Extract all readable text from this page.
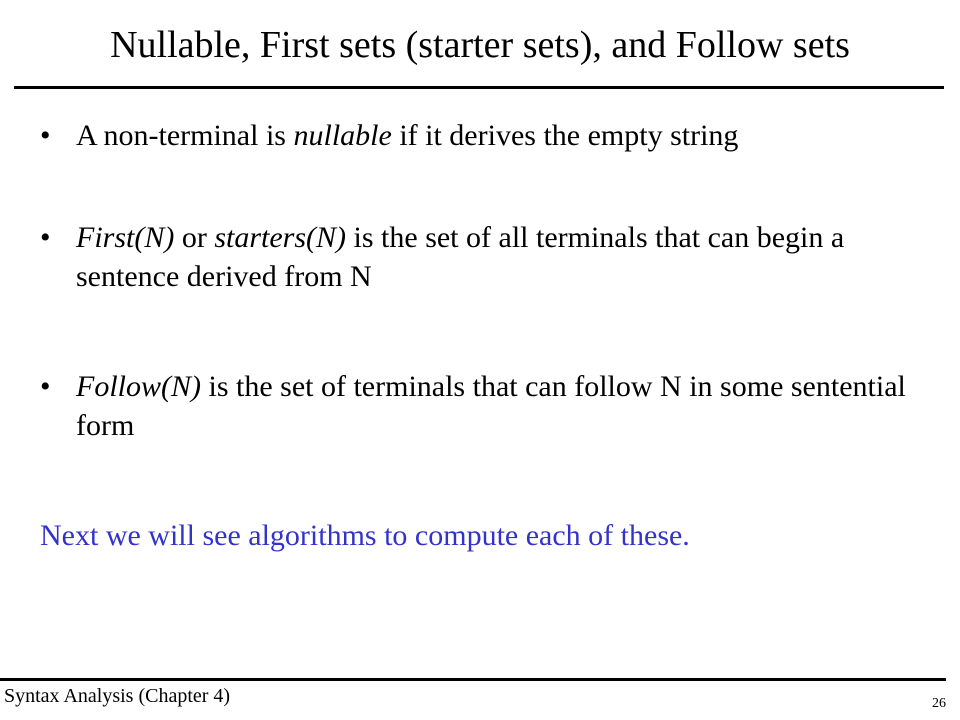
Nullable, First sets (starter sets), and Follow sets
• A non-terminal is nullable if it derives the empty string
• First(N) or starters(N) is the set of all terminals that can begin a sentence derived from N
• Follow(N) is the set of terminals that can follow N in some sentential form
Next we will see algorithms to compute each of these.
Syntax Analysis (Chapter 4)	26
